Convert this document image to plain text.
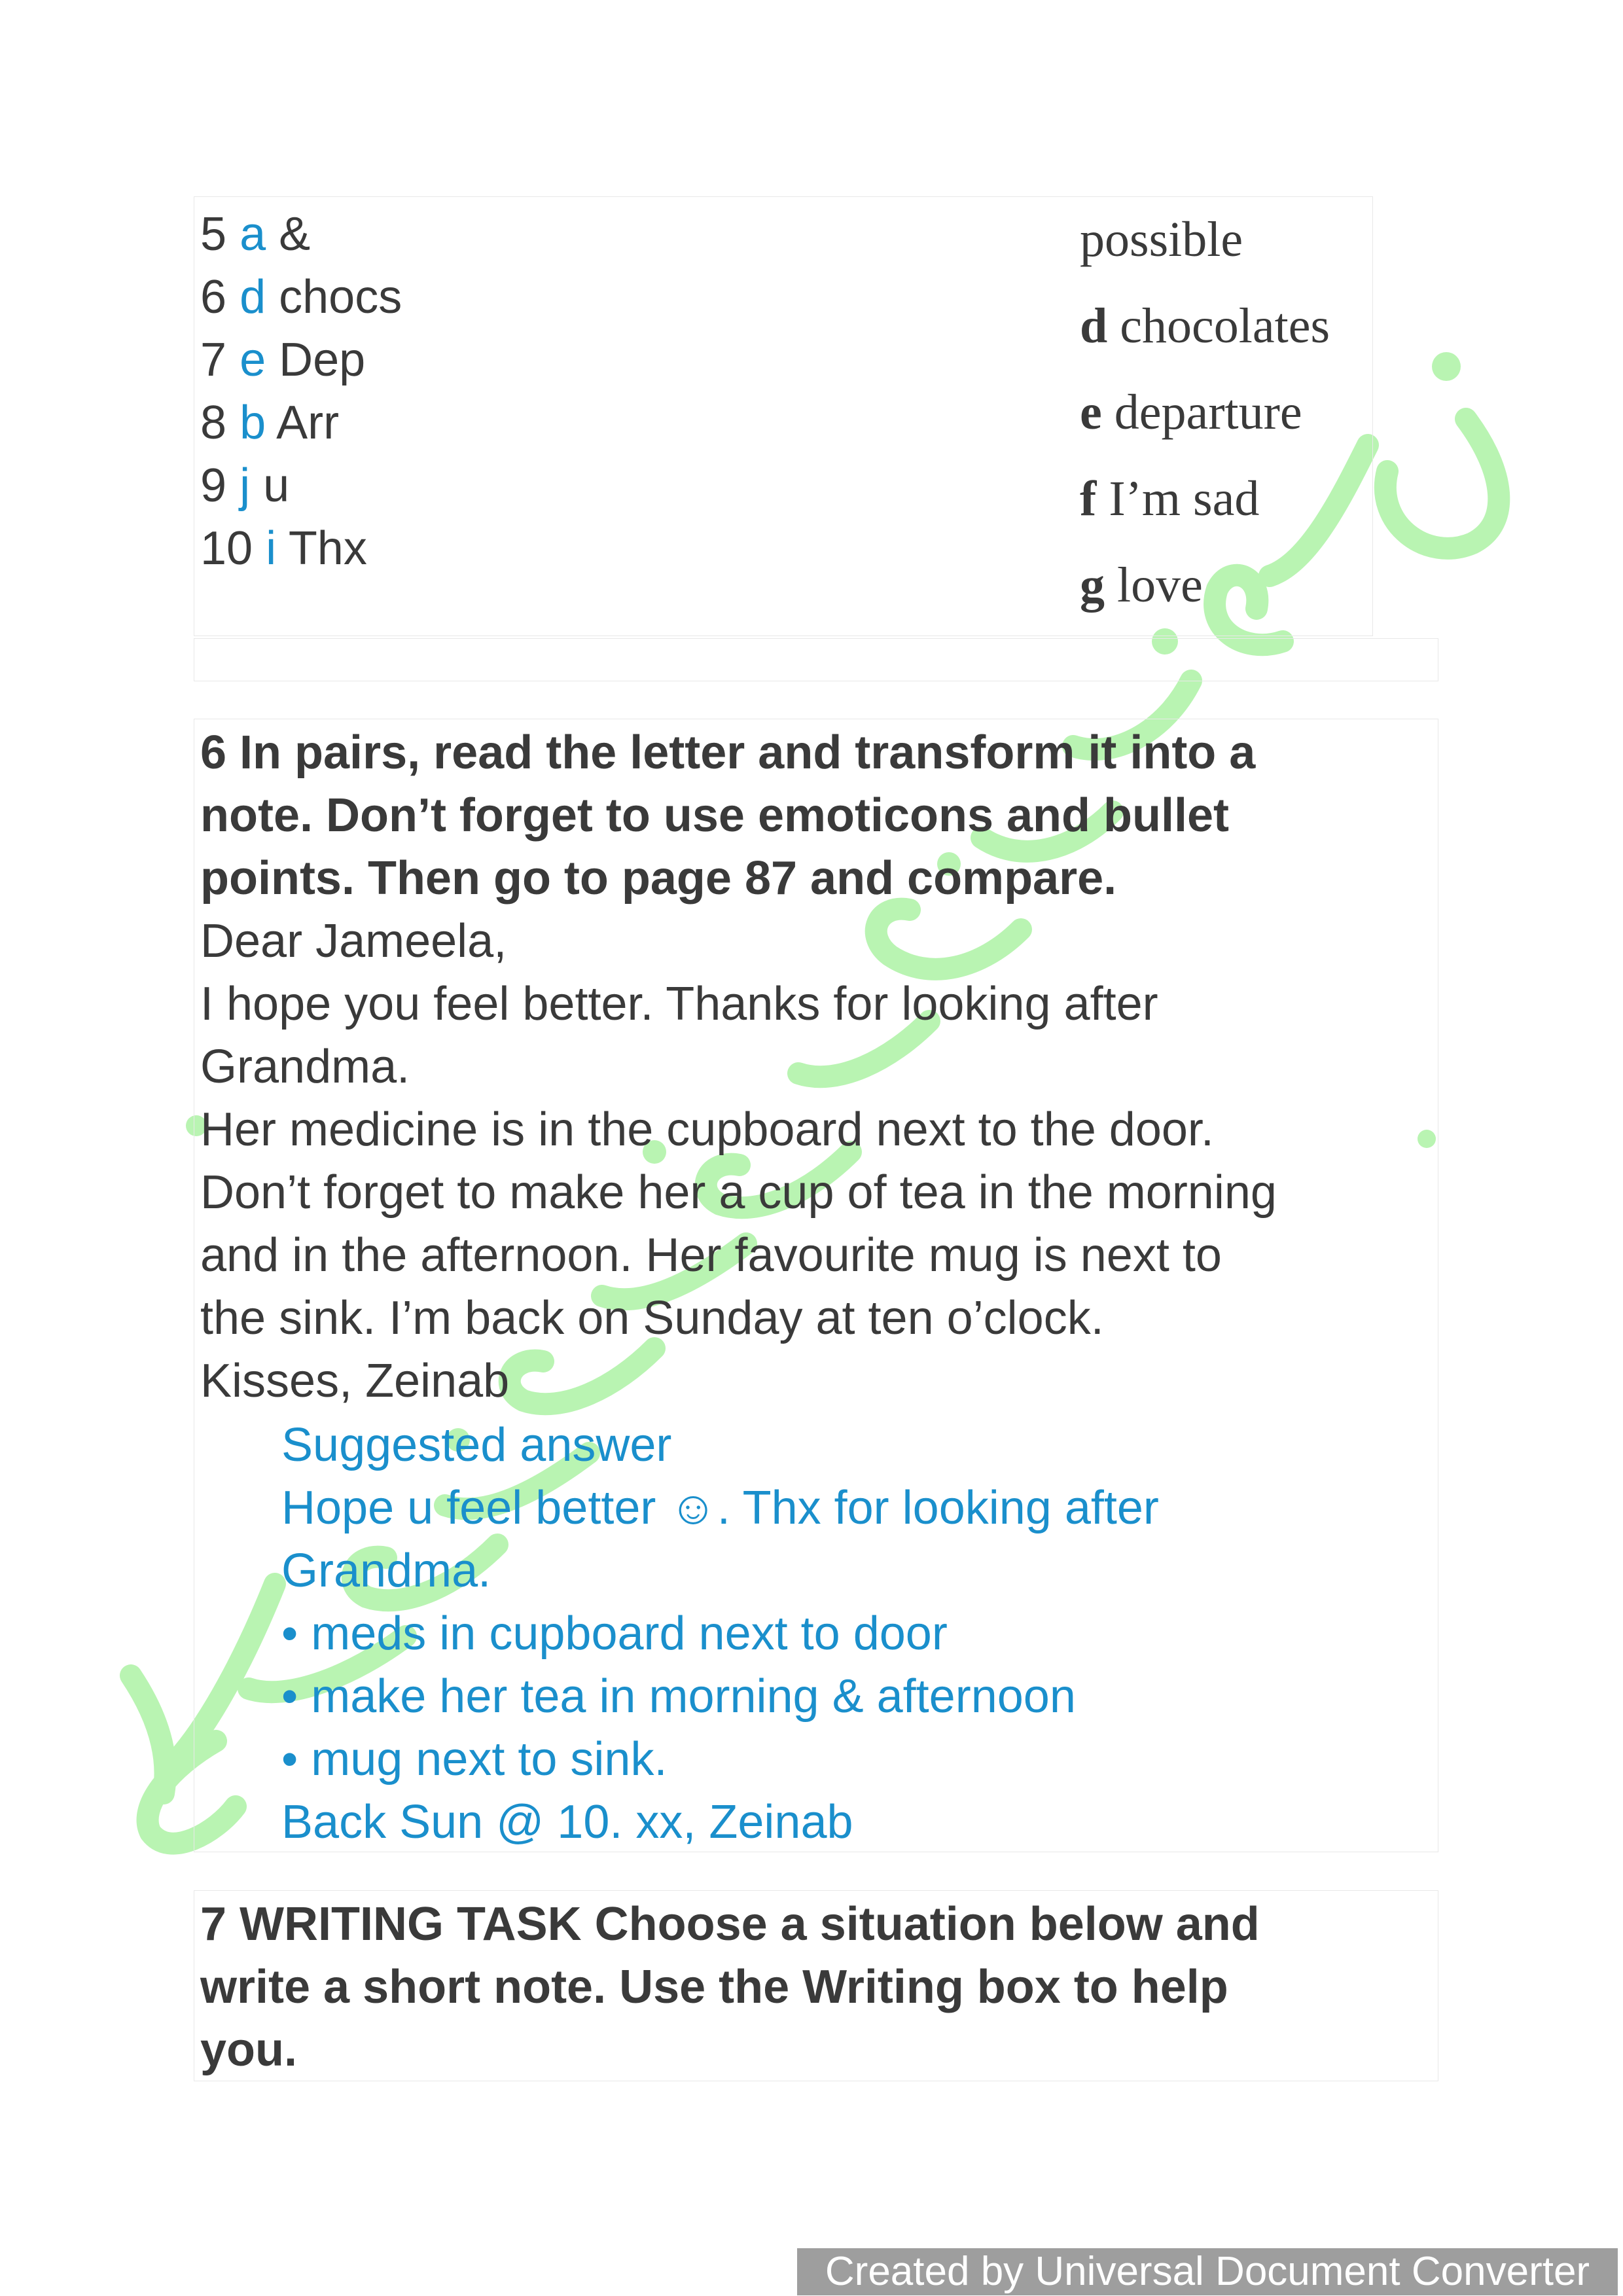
5 a &
6 d chocs
7 e Dep
8 b Arr
9 j u
10 i Thx
possible
d chocolates
e departure
f I’m sad
g love
6 In pairs, read the letter and transform it into a
note. Don’t forget to use emoticons and bullet
points. Then go to page 87 and compare.
Dear Jameela,
I hope you feel better. Thanks for looking after
Grandma.
Her medicine is in the cupboard next to the door.
Don’t forget to make her a cup of tea in the morning
and in the afternoon. Her favourite mug is next to
the sink. I’m back on Sunday at ten o’clock.
Kisses, Zeinab
Suggested answer
Hope u feel better ☺. Thx for looking after
Grandma.
• meds in cupboard next to door
• make her tea in morning & afternoon
• mug next to sink.
Back Sun @ 10. xx, Zeinab
7 WRITING TASK Choose a situation below and
write a short note. Use the Writing box to help
you.
Created by Universal Document Converter
